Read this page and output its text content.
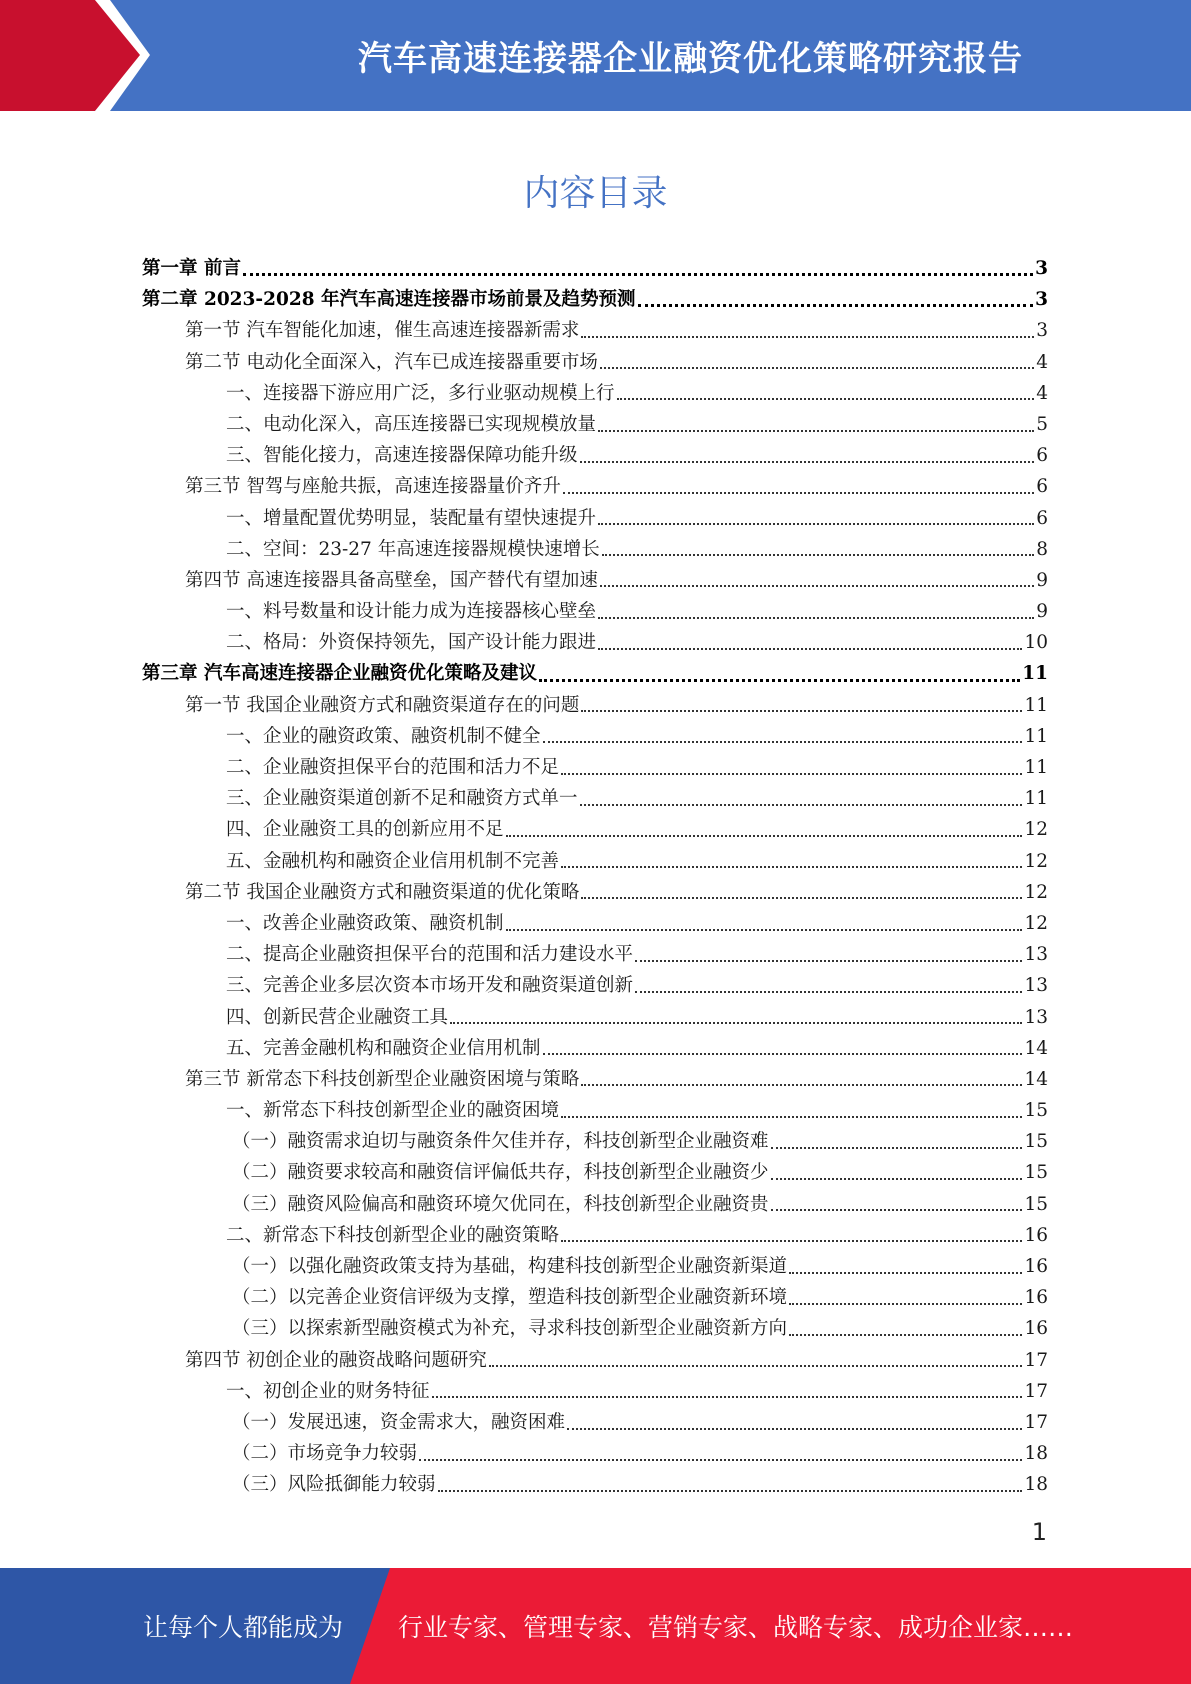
汽车高速连接器企业融资优化策略研究报告
内容目录
第一章 前言	3
第二章 2023-2028 年汽车高速连接器市场前景及趋势预测	3
第一节 汽车智能化加速，催生高速连接器新需求	3
第二节 电动化全面深入，汽车已成连接器重要市场	4
一、连接器下游应用广泛，多行业驱动规模上行	4
二、电动化深入，高压连接器已实现规模放量	5
三、智能化接力，高速连接器保障功能升级	6
第三节 智驾与座舱共振，高速连接器量价齐升	6
一、增量配置优势明显，装配量有望快速提升	6
二、空间：23-27 年高速连接器规模快速增长	8
第四节 高速连接器具备高壁垒，国产替代有望加速	9
一、料号数量和设计能力成为连接器核心壁垒	9
二、格局：外资保持领先，国产设计能力跟进	10
第三章 汽车高速连接器企业融资优化策略及建议	11
第一节 我国企业融资方式和融资渠道存在的问题	11
一、企业的融资政策、融资机制不健全	11
二、企业融资担保平台的范围和活力不足	11
三、企业融资渠道创新不足和融资方式单一	11
四、企业融资工具的创新应用不足	12
五、金融机构和融资企业信用机制不完善	12
第二节 我国企业融资方式和融资渠道的优化策略	12
一、改善企业融资政策、融资机制	12
二、提高企业融资担保平台的范围和活力建设水平	13
三、完善企业多层次资本市场开发和融资渠道创新	13
四、创新民营企业融资工具	13
五、完善金融机构和融资企业信用机制	14
第三节 新常态下科技创新型企业融资困境与策略	14
一、新常态下科技创新型企业的融资困境	15
（一）融资需求迫切与融资条件欠佳并存，科技创新型企业融资难	15
（二）融资要求较高和融资信评偏低共存，科技创新型企业融资少	15
（三）融资风险偏高和融资环境欠优同在，科技创新型企业融资贵	15
二、新常态下科技创新型企业的融资策略	16
（一）以强化融资政策支持为基础，构建科技创新型企业融资新渠道	16
（二）以完善企业资信评级为支撑，塑造科技创新型企业融资新环境	16
（三）以探索新型融资模式为补充，寻求科技创新型企业融资新方向	16
第四节 初创企业的融资战略问题研究	17
一、初创企业的财务特征	17
（一）发展迅速，资金需求大，融资困难	17
（二）市场竞争力较弱	18
（三）风险抵御能力较弱	18
1
让每个人都能成为 行业专家、管理专家、营销专家、战略专家、成功企业家……
